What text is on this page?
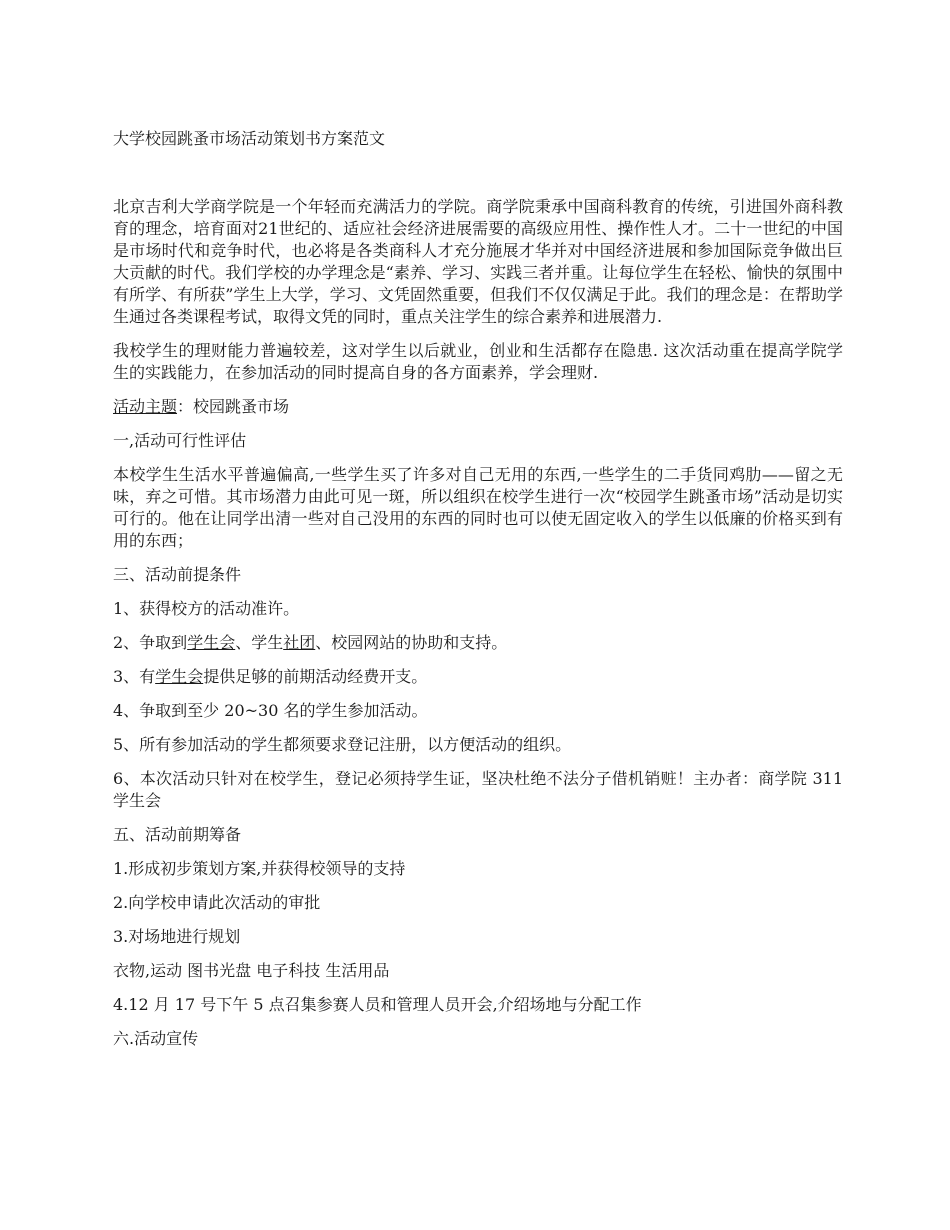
大学校园跳蚤市场活动策划书方案范文

北京吉利大学商学院是一个年轻而充满活力的学院。商学院秉承中国商科教育的传统，引进国外商科教育的理念，培育面对21世纪的、适应社会经济进展需要的高级应用性、操作性人才。二十一世纪的中国是市场时代和竞争时代，也必将是各类商科人才充分施展才华并对中国经济进展和参加国际竞争做出巨大贡献的时代。我们学校的办学理念是“素养、学习、实践三者并重。让每位学生在轻松、愉快的氛围中有所学、有所获”学生上大学，学习、文凭固然重要，但我们不仅仅满足于此。我们的理念是：在帮助学生通过各类课程考试，取得文凭的同时，重点关注学生的综合素养和进展潜力.

我校学生的理财能力普遍较差，这对学生以后就业，创业和生活都存在隐患. 这次活动重在提高学院学生的实践能力，在参加活动的同时提高自身的各方面素养，学会理财.

活动主题：校园跳蚤市场

一,活动可行性评估

本校学生生活水平普遍偏高,一些学生买了许多对自己无用的东西,一些学生的二手货同鸡肋——留之无味，弃之可惜。其市场潜力由此可见一斑，所以组织在校学生进行一次“校园学生跳蚤市场”活动是切实可行的。他在让同学出清一些对自己没用的东西的同时也可以使无固定收入的学生以低廉的价格买到有用的东西；

三、活动前提条件

1、获得校方的活动准许。

2、争取到学生会、学生社团、校园网站的协助和支持。

3、有学生会提供足够的前期活动经费开支。

4、争取到至少 20~30 名的学生参加活动。

5、所有参加活动的学生都须要求登记注册，以方便活动的组织。

6、本次活动只针对在校学生，登记必须持学生证，坚决杜绝不法分子借机销赃！主办者：商学院 311 学生会

五、活动前期筹备

1.形成初步策划方案,并获得校领导的支持

2.向学校申请此次活动的审批

3.对场地进行规划

衣物,运动 图书光盘 电子科技 生活用品

4.12 月 17 号下午 5 点召集参赛人员和管理人员开会,介绍场地与分配工作

六.活动宣传
